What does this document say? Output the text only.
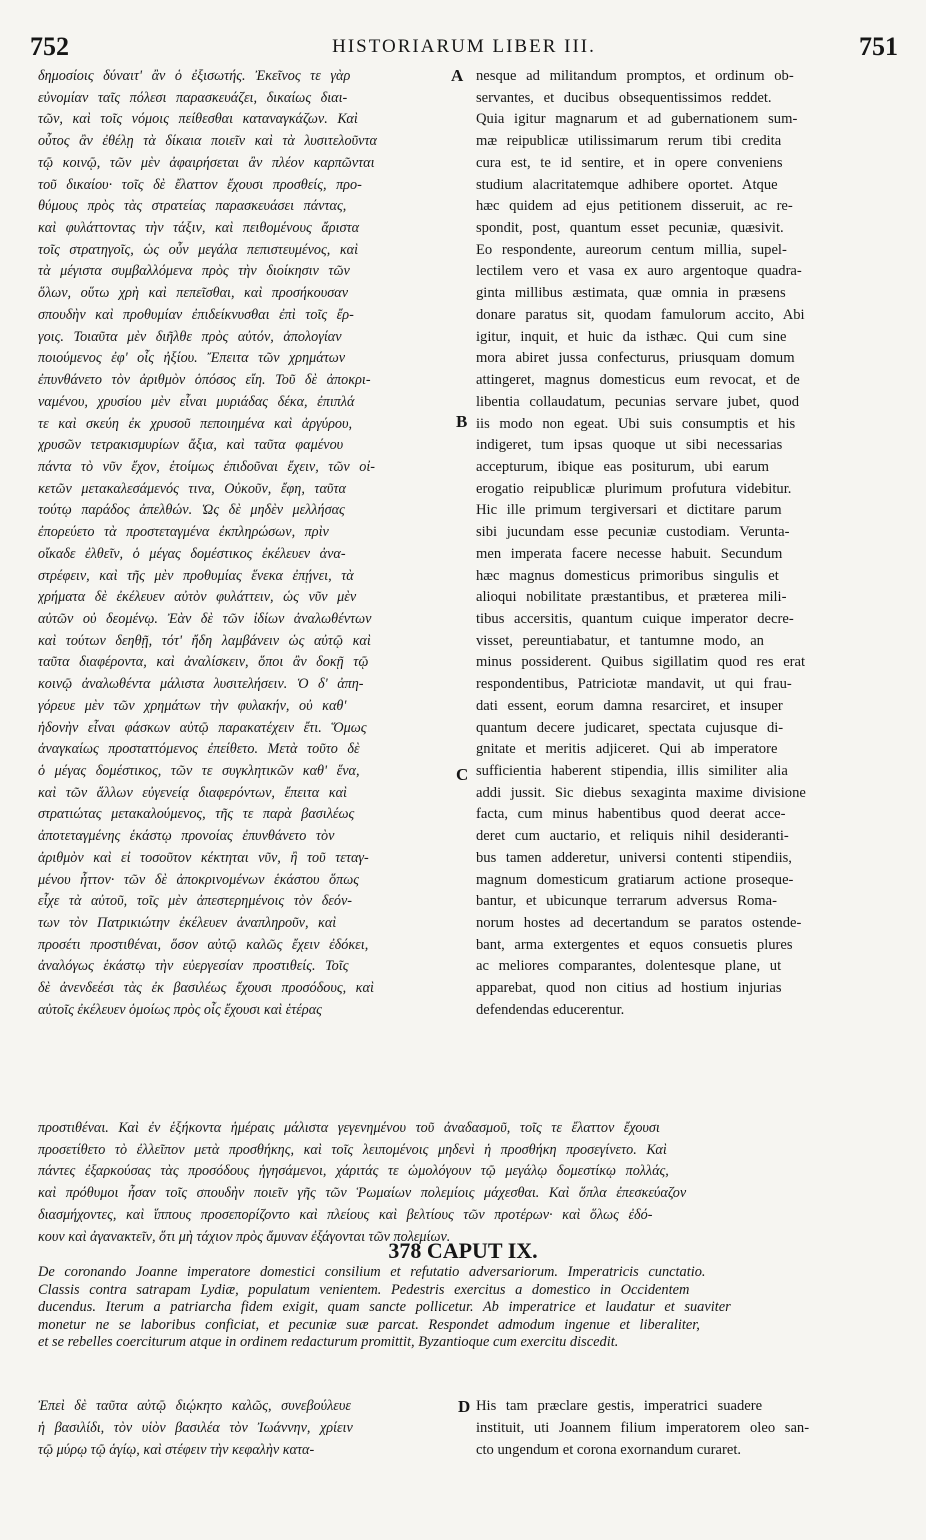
752	HISTORIARUM LIBER III.	751
δημοσίοις δύναιτ' ἂν ὁ ἐξισωτής. Ἐκεῖνος τε γὰρ
εὐνομίαν ταῖς πόλεσι παρασκευάζει, δικαίως διαι-
τῶν, καὶ τοῖς νόμοις πείθεσθαι καταναγκάζων. Καὶ
οὗτος ἂν ἐθέλῃ τὰ δίκαια ποιεῖν καὶ τὰ λυσιτελοῦντα
τῷ κοινῷ, τῶν μὲν ἀφαιρήσεται ἂν πλέον καρπῶνται
τοῦ δικαίου· τοῖς δὲ ἔλαττον ἔχουσι προσθείς, προ-
θύμους πρὸς τὰς στρατείας παρασκευάσει πάντας,
καὶ φυλάττοντας τὴν τάξιν, καὶ πειθομένους ἄριστα
τοῖς στρατηγοῖς, ὡς οὖν μεγάλα πεπιστευμένος, καὶ
τὰ μέγιστα συμβαλλόμενα πρὸς τὴν διοίκησιν τῶν
ὅλων, οὕτω χρὴ καὶ πεπεῖσθαι, καὶ προσήκουσαν
σπουδὴν καὶ προθυμίαν ἐπιδείκνυσθαι ἐπὶ τοῖς ἔρ-
γοις. Τοιαῦτα μὲν διῆλθε πρὸς αὐτόν, ἀπολογίαν
ποιούμενος ἐφ' οἷς ἠξίου. Ἔπειτα τῶν χρημάτων
ἐπυνθάνετο τὸν ἀριθμὸν ὁπόσος εἴη. Τοῦ δὲ ἀποκρι-
ναμένου, χρυσίου μὲν εἶναι μυριάδας δέκα, ἐπιπλά
τε καὶ σκεύη ἐκ χρυσοῦ πεποιημένα καὶ ἀργύρου,
χρυσῶν τετρακισμυρίων ἄξια, καὶ ταῦτα φαμένου
πάντα τὸ νῦν ἔχον, ἑτοίμως ἐπιδοῦναι ἔχειν, τῶν οἰ-
κετῶν μετακαλεσάμενός τινα, Οὐκοῦν, ἔφη, ταῦτα
τούτῳ παράδος ἀπελθών. Ὡς δὲ μηδὲν μελλήσας
ἐπορεύετο τὰ προστεταγμένα ἐκπληρώσων, πρὶν
οἴκαδε ἐλθεῖν, ὁ μέγας δομέστικος ἐκέλευεν ἀνα-
στρέφειν, καὶ τῆς μὲν προθυμίας ἕνεκα ἐπῄνει, τὰ
χρήματα δὲ ἐκέλευεν αὐτὸν φυλάττειν, ὡς νῦν μὲν
αὐτῶν οὐ δεομένῳ. Ἐὰν δὲ τῶν ἰδίων ἀναλωθέντων
καὶ τούτων δεηθῇ, τότ' ἤδη λαμβάνειν ὡς αὐτῷ καὶ
ταῦτα διαφέροντα, καὶ ἀναλίσκειν, ὅποι ἂν δοκῇ τῷ
κοινῷ ἀναλωθέντα μάλιστα λυσιτελήσειν. Ὁ δ' ἀπη-
γόρευε μὲν τῶν χρημάτων τὴν φυλακήν, οὐ καθ'
ἡδονὴν εἶναι φάσκων αὐτῷ παρακατέχειν ἔτι. Ὅμως
ἀναγκαίως προσταττόμενος ἐπείθετο. Μετὰ τοῦτο δὲ
ὁ μέγας δομέστικος, τῶν τε συγκλητικῶν καθ' ἕνα,
καὶ τῶν ἄλλων εὐγενείᾳ διαφερόντων, ἔπειτα καὶ
στρατιώτας μετακαλούμενος, τῆς τε παρὰ βασιλέως
ἀποτεταγμένης ἑκάστῳ προνοίας ἐπυνθάνετο τὸν
ἀριθμὸν καὶ εἰ τοσοῦτον κέκτηται νῦν, ἢ τοῦ τεταγ-
μένου ἧττον· τῶν δὲ ἀποκρινομένων ἑκάστου ὅπως
εἶχε τὰ αὐτοῦ, τοῖς μὲν ἀπεστερημένοις τὸν δεόν-
των τὸν Πατρικιώτην ἐκέλευεν ἀναπληροῦν, καὶ
προσέτι προστιθέναι, ὅσον αὐτῷ καλῶς ἔχειν ἐδόκει,
ἀναλόγως ἑκάστῳ τὴν εὐεργεσίαν προστιθείς. Τοῖς
δὲ ἀνενδεέσι τὰς ἐκ βασιλέως ἔχουσι προσόδους, καὶ
αὐτοῖς ἐκέλευεν ὁμοίως πρὸς οἷς ἔχουσι καὶ ἑτέρας
nesque ad militandum promptos, et ordinum ob-
servantes, et ducibus obsequentissimos reddet.
Quia igitur magnarum et ad gubernationem sum-
mæ reipublicæ utilissimarum rerum tibi credita
cura est, te id sentire, et in opere conveniens
studium alacritatemque adhibere oportet. Atque
hæc quidem ad ejus petitionem disseruit, ac re-
spondit, post, quantum esset pecuniæ, quæsivit.
Eo respondente, aureorum centum millia, supel-
lectilem vero et vasa ex auro argentoque quadra-
ginta millibus æstimata, quæ omnia in præsens
donare paratus sit, quodam famulorum accito, Abi
igitur, inquit, et huic da isthæc. Qui cum sine
mora abiret jussa confecturus, priusquam domum
attingeret, magnus domesticus eum revocat, et de
libentia collaudatum, pecunias servare jubet, quod
iis modo non egeat. Ubi suis consumptis et his
indigeret, tum ipsas quoque ut sibi necessarias
accepturum, ibique eas positurum, ubi earum
erogatio reipublicæ plurimum profutura videbitur.
Hic ille primum tergiversari et dictitare parum
sibi jucundam esse pecuniæ custodiam. Veruntа-
men imperata facere necesse habuit. Secundum
hæc magnus domesticus primoribus singulis et
alioqui nobilitate præstantibus, et præterea mili-
tibus accersitis, quantum cuique imperator decre-
visset, pereuntiabatur, et tantumne modo, an
minus possiderent. Quibus sigillatim quod res erat
respondentibus, Patriciotæ mandavit, ut qui frau-
dati essent, eorum damna resarciret, et insuper
quantum decere judicaret, spectata cujusque di-
gnitate et meritis adjiceret. Qui ab imperatore
sufficientia haberent stipendia, illis similiter alia
addi jussit. Sic diebus sexaginta maxime divisione
facta, cum minus habentibus quod deerat acce-
deret cum auctario, et reliquis nihil desideranti-
bus tamen adderetur, universi contenti stipendiis,
magnum domesticum gratiarum actione proseque-
bantur, et ubicunque terrarum adversus Roma-
norum hostes ad decertandum se paratos ostende-
bant, arma extergentes et equos consuetis plures
ac meliores comparantes, dolentesque plane, ut
apparebat, quod non citius ad hostium injurias
defendendas educerentur.
A
B
C
D
προστιθέναι. Καὶ ἐν ἑξήκοντα ἡμέραις μάλιστα γεγενημένου τοῦ ἀναδασμοῦ, τοῖς τε ἔλαττον ἔχουσι
προσετίθετο τὸ ἐλλεῖπον μετὰ προσθήκης, καὶ τοῖς λειπομένοις μηδενὶ ἡ προσθήκη προσεγίνετο. Καὶ
πάντες ἐξαρκούσας τὰς προσόδους ἡγησάμενοι, χάριτάς τε ὡμολόγουν τῷ μεγάλῳ δομεστίκῳ πολλάς,
καὶ πρόθυμοι ἦσαν τοῖς σπουδὴν ποιεῖν γῆς τῶν Ῥωμαίων πολεμίοις μάχεσθαι. Καὶ ὅπλα ἐπεσκεύαζον
διασμήχοντες, καὶ ἵππους προσεπορίζοντο καὶ πλείους καὶ βελτίους τῶν προτέρων· καὶ ὅλως ἐδό-
κουν καὶ ἀγανακτεῖν, ὅτι μὴ τάχιον πρὸς ἄμυναν ἐξάγονται τῶν πολεμίων.
378 CAPUT IX.
De coronando Joanne imperatore domestici consilium et refutatio adversariorum. Imperatricis cunctatio.
Classis contra satrapam Lydiæ, populatum venientem. Pedestris exercitus a domestico in Occidentem
ducendus. Iterum a patriarcha fidem exigit, quam sancte pollicetur. Ab imperatrice et laudatur et suaviter
monetur ne se laboribus conficiat, et pecuniæ suæ parcat. Respondet admodum ingenue et liberaliter,
et se rebelles coerciturum atque in ordinem redacturum promittit, Byzantioque cum exercitu discedit.
Ἐπεὶ δὲ ταῦτα αὐτῷ διῴκητο καλῶς, συνεβούλευε
ἡ βασιλίδι, τὸν υἱὸν βασιλέα τὸν Ἰωάννην, χρίειν
τῷ μύρῳ τῷ ἁγίῳ, καὶ στέφειν τὴν κεφαλὴν κατα-
His tam præclare gestis, imperatrici suadere
instituit, uti Joannem filium imperatorem oleo san-
cto ungendum et corona exornandum curaret.
